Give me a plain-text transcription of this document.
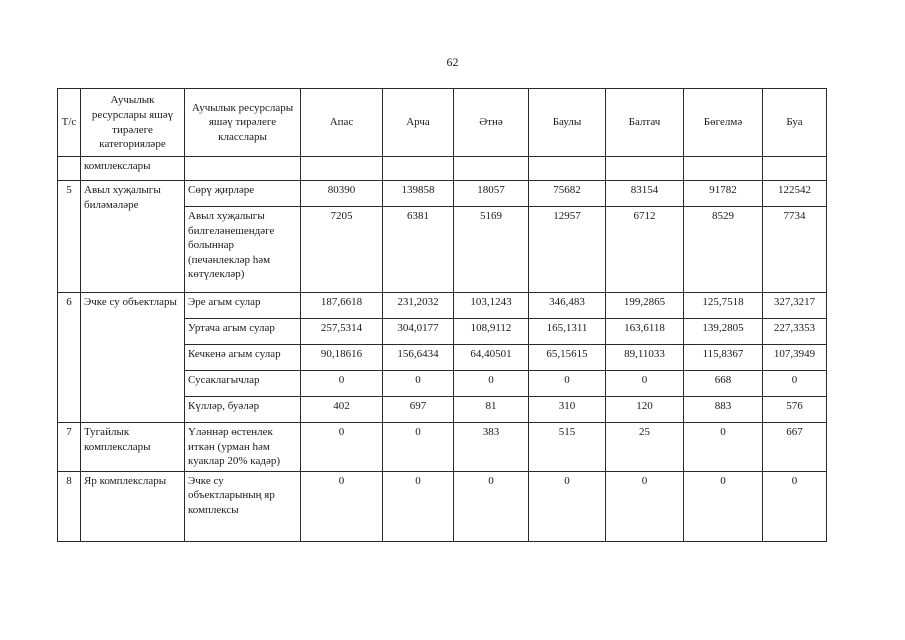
62
Т/с	Аучылык ресурслары яшәү тирәлеге категорияләре	Аучылык ресурслары яшәү тирәлеге класслары	Апас	Арча	Әтнә	Баулы	Балтач	Бөгелмә	Буа
	комплекслары								
5	Авыл хуҗалыгы биләмәләре	Сөрү җирләре	80390	139858	18057	75682	83154	91782	122542
		Авыл хуҗалыгы билгеләнешендәге болыннар (печәнлекләр һәм көтүлекләр)	7205	6381	5169	12957	6712	8529	7734
6	Эчке су объектлары	Эре агым сулар	187,6618	231,2032	103,1243	346,483	199,2865	125,7518	327,3217
		Уртача агым сулар	257,5314	304,0177	108,9112	165,1311	163,6118	139,2805	227,3353
		Кечкенә агым сулар	90,18616	156,6434	64,40501	65,15615	89,11033	115,8367	107,3949
		Сусаклагычлар	0	0	0	0	0	668	0
		Күлләр, буәләр	402	697	81	310	120	883	576
7	Тугайлык комплекслары	Үләннәр өстенлек иткән (урман һәм куаклар 20% кадәр)	0	0	383	515	25	0	667
8	Яр комплекслары	Эчке су объектларының яр комплексы	0	0	0	0	0	0	0
